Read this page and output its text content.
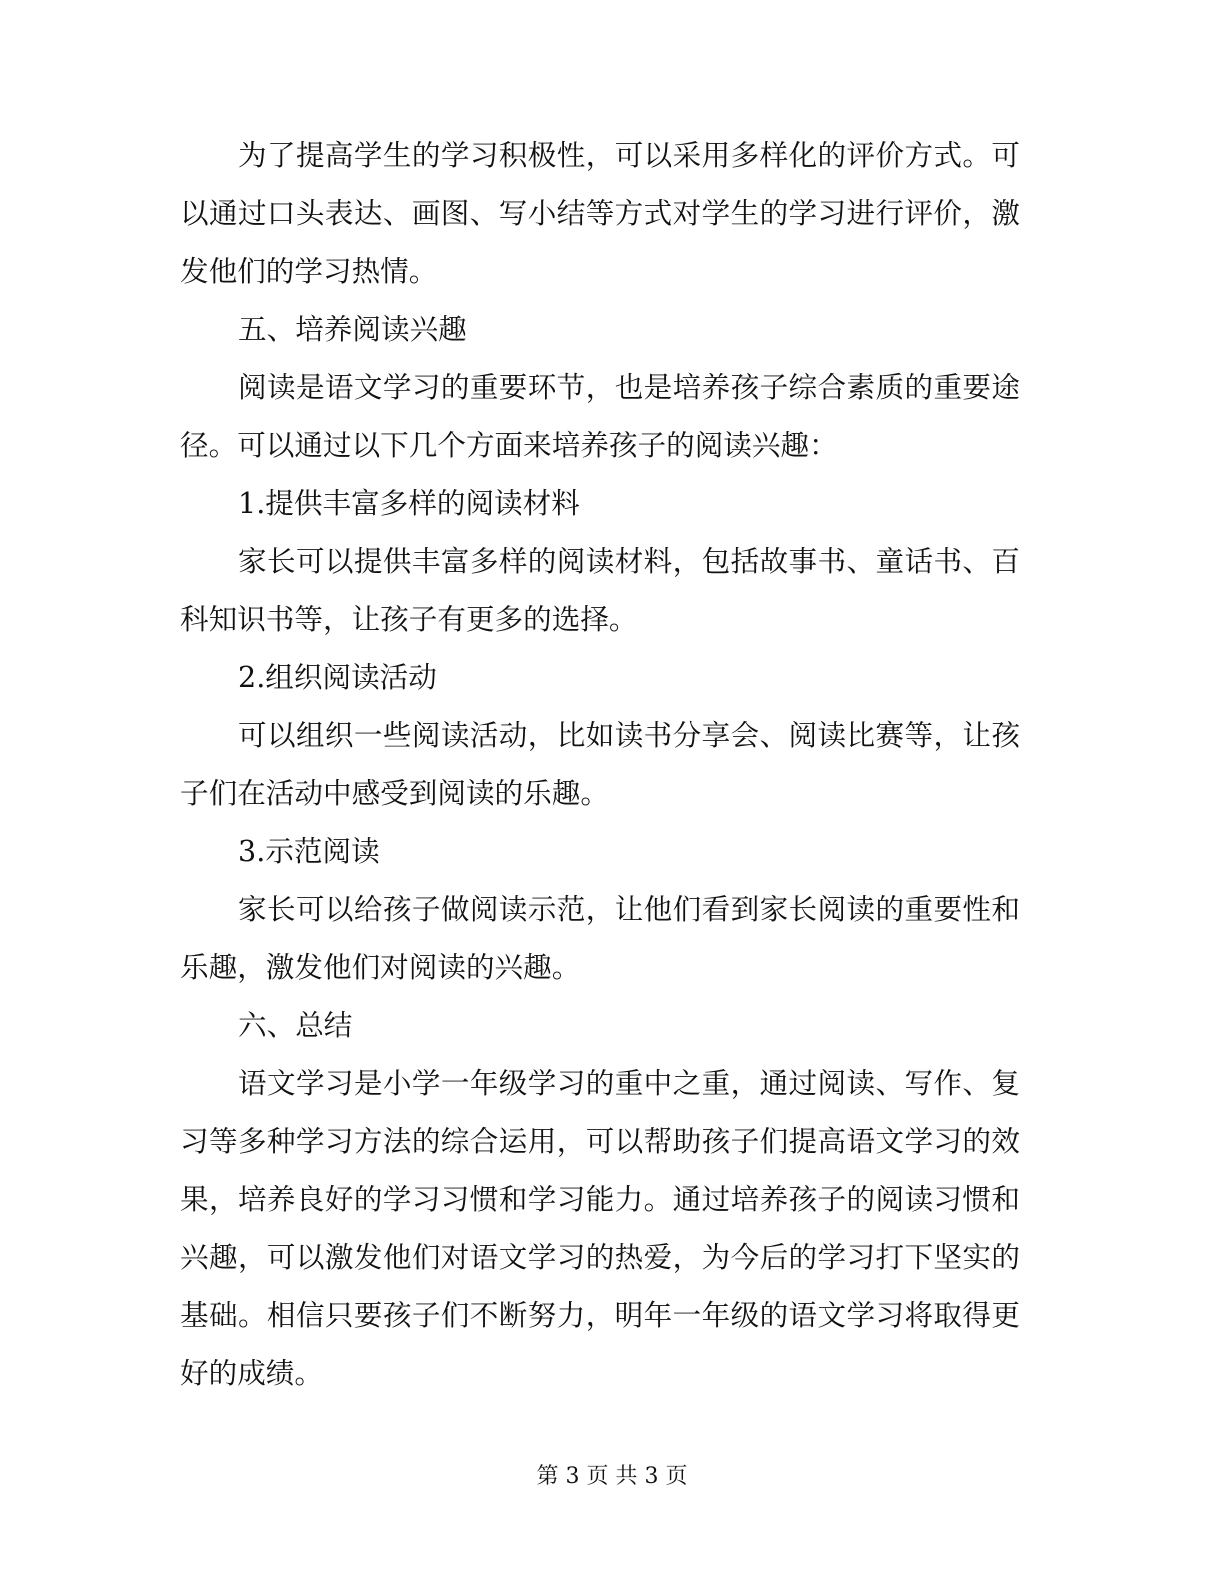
为了提高学生的学习积极性，可以采用多样化的评价方式。可以通过口头表达、画图、写小结等方式对学生的学习进行评价，激发他们的学习热情。

五、培养阅读兴趣

阅读是语文学习的重要环节，也是培养孩子综合素质的重要途径。可以通过以下几个方面来培养孩子的阅读兴趣：

1.提供丰富多样的阅读材料

家长可以提供丰富多样的阅读材料，包括故事书、童话书、百科知识书等，让孩子有更多的选择。

2.组织阅读活动

可以组织一些阅读活动，比如读书分享会、阅读比赛等，让孩子们在活动中感受到阅读的乐趣。

3.示范阅读

家长可以给孩子做阅读示范，让他们看到家长阅读的重要性和乐趣，激发他们对阅读的兴趣。

六、总结

语文学习是小学一年级学习的重中之重，通过阅读、写作、复习等多种学习方法的综合运用，可以帮助孩子们提高语文学习的效果，培养良好的学习习惯和学习能力。通过培养孩子的阅读习惯和兴趣，可以激发他们对语文学习的热爱，为今后的学习打下坚实的基础。相信只要孩子们不断努力，明年一年级的语文学习将取得更好的成绩。

第 3 页 共 3 页
